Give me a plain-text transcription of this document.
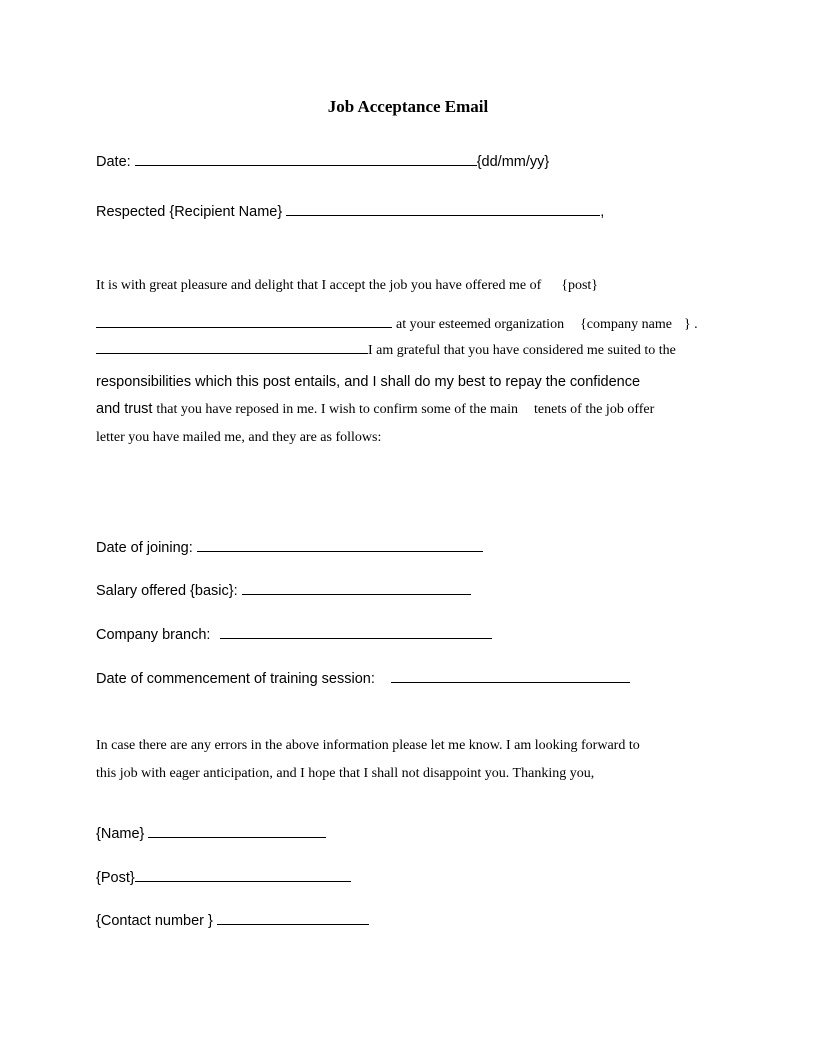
Job Acceptance Email
Date:	{dd/mm/yy}
Respected {Recipient Name}	,
It is with great pleasure and delight that I accept the job you have offered me of {post}
at your esteemed organization {company name } .
I am grateful that you have considered me suited to the
responsibilities which this post entails, and I shall do my best to repay the confidence
and trust that you have reposed in me. I wish to confirm some of the main tenets of the job offer
letter you have mailed me, and they are as follows:
Date of joining:
Salary offered {basic}:
Company branch:
Date of commencement of training session:
In case there are any errors in the above information please let me know. I am looking forward to
this job with eager anticipation, and I hope that I shall not disappoint you. Thanking you,
{Name}
{Post}
{Contact number }
